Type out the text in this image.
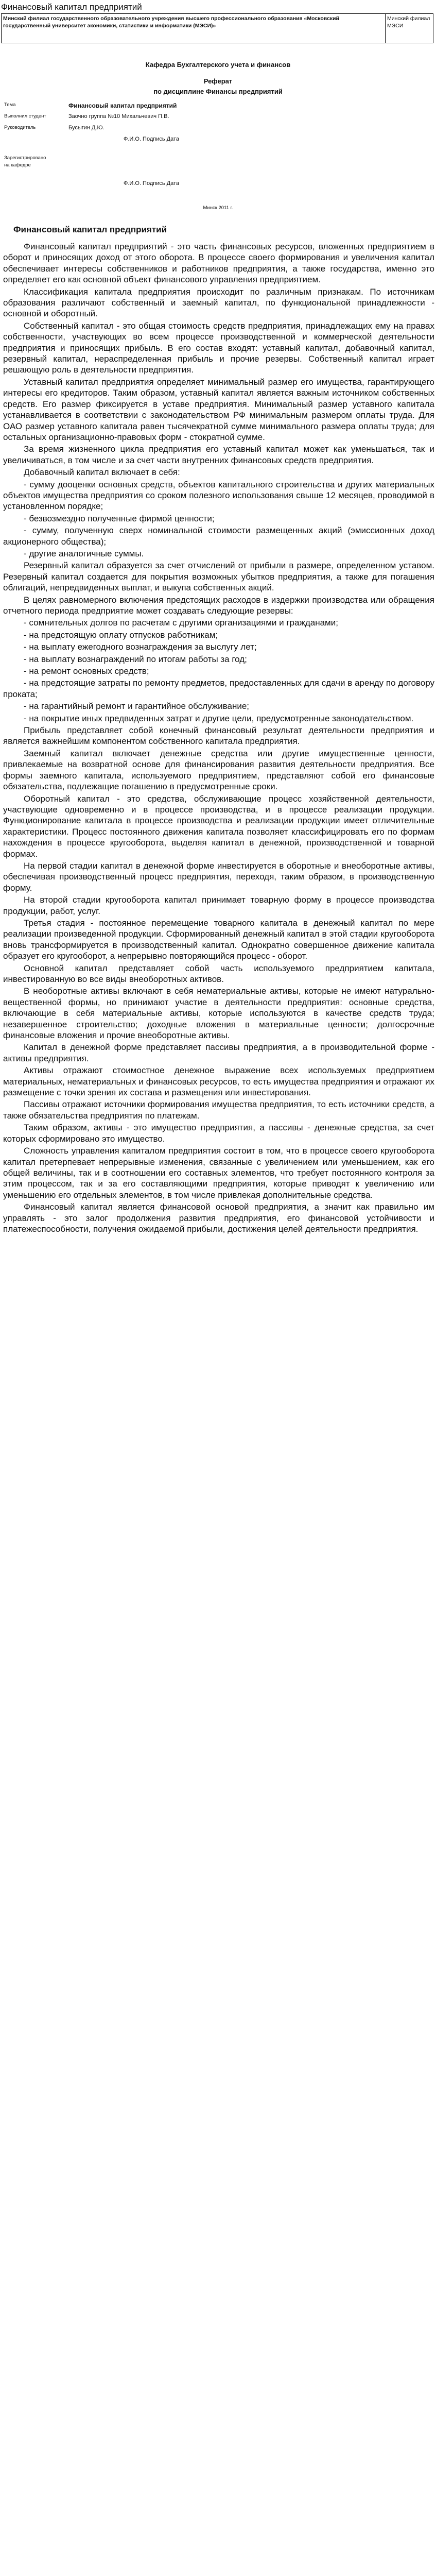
Финансовый капитал предприятий
Минский филиал государственного образовательного учреждения высшего профессионального образования «Московский государственный университет экономики, статистики и информатики (МЭСИ)»	Минский филиал МЭСИ
Кафедра Бухгалтерского учета и финансов
Реферат
по дисциплине Финансы предприятий
Тема	Финансовый капитал предприятий
Выполнил студент	Заочно группа №10 Михальчевич П.В.
Руководитель	Бусыгин Д.Ю.
Ф.И.О. Подпись Дата
Зарегистрировано на кафедре
Ф.И.О. Подпись Дата
Минск 2011 г.
Финансовый капитал предприятий

Финансовый капитал предприятий - это часть финансовых ресурсов, вложенных предприятием в оборот и приносящих доход от этого оборота. В процессе своего формирования и увеличения капитал обеспечивает интересы собственников и работников предприятия, а также государства, именно это определяет его как основной объект финансового управления предприятием.

Классификация капитала предприятия происходит по различным признакам. По источникам образования различают собственный и заемный капитал, по функциональной принадлежности - основной и оборотный.

Собственный капитал - это общая стоимость средств предприятия, принадлежащих ему на правах собственности, участвующих во всем процессе производственной и коммерческой деятельности предприятия и приносящих прибыль. В его состав входят: уставный капитал, добавочный капитал, резервный капитал, нераспределенная прибыль и прочие резервы. Собственный капитал играет решающую роль в деятельности предприятия.

Уставный капитал предприятия определяет минимальный размер его имущества, гарантирующего интересы его кредиторов. Таким образом, уставный капитал является важным источником собственных средств. Его размер фиксируется в уставе предприятия. Минимальный размер уставного капитала устанавливается в соответствии с законодательством РФ минимальным размером оплаты труда. Для ОАО размер уставного капитала равен тысячекратной сумме минимального размера оплаты труда; для остальных организационно-правовых форм - стократной сумме.

За время жизненного цикла предприятия его уставный капитал может как уменьшаться, так и увеличиваться, в том числе и за счет части внутренних финансовых средств предприятия.

Добавочный капитал включает в себя:

- сумму дооценки основных средств, объектов капитального строительства и других материальных объектов имущества предприятия со сроком полезного использования свыше 12 месяцев, проводимой в установленном порядке;

- безвозмездно полученные фирмой ценности;

- сумму, полученную сверх номинальной стоимости размещенных акций (эмиссионных доход акционерного общества);

- другие аналогичные суммы.

Резервный капитал образуется за счет отчислений от прибыли в размере, определенном уставом. Резервный капитал создается для покрытия возможных убытков предприятия, а также для погашения облигаций, непредвиденных выплат, и выкупа собственных акций.

В целях равномерного включения предстоящих расходов в издержки производства или обращения отчетного периода предприятие может создавать следующие резервы:

- сомнительных долгов по расчетам с другими организациями и гражданами;

- на предстоящую оплату отпусков работникам;

- на выплату ежегодного вознаграждения за выслугу лет;

- на выплату вознаграждений по итогам работы за год;

- на ремонт основных средств;

- на предстоящие затраты по ремонту предметов, предоставленных для сдачи в аренду по договору проката;

- на гарантийный ремонт и гарантийное обслуживание;

- на покрытие иных предвиденных затрат и другие цели, предусмотренные законодательством.

Прибыль представляет собой конечный финансовый результат деятельности предприятия и является важнейшим компонентом собственного капитала предприятия.

Заемный капитал включает денежные средства или другие имущественные ценности, привлекаемые на возвратной основе для финансирования развития деятельности предприятия. Все формы заемного капитала, используемого предприятием, представляют собой его финансовые обязательства, подлежащие погашению в предусмотренные сроки.

Оборотный капитал - это средства, обслуживающие процесс хозяйственной деятельности, участвующие одновременно и в процессе производства, и в процессе реализации продукции. Функционирование капитала в процессе производства и реализации продукции имеет отличительные характеристики. Процесс постоянного движения капитала позволяет классифицировать его по формам нахождения в процессе кругооборота, выделяя капитал в денежной, производственной и товарной формах.

На первой стадии капитал в денежной форме инвестируется в оборотные и внеоборотные активы, обеспечивая производственный процесс предприятия, переходя, таким образом, в производственную форму.

На второй стадии кругооборота капитал принимает товарную форму в процессе производства продукции, работ, услуг.

Третья стадия - постоянное перемещение товарного капитала в денежный капитал по мере реализации произведенной продукции. Сформированный денежный капитал в этой стадии кругооборота вновь трансформируется в производственный капитал. Однократно совершенное движение капитала образует его кругооборот, а непрерывно повторяющийся процесс - оборот.

Основной капитал представляет собой часть используемого предприятием капитала, инвестированную во все виды внеоборотных активов.

В необоротные активы включают в себя нематериальные активы, которые не имеют натурально-вещественной формы, но принимают участие в деятельности предприятия: основные средства, включающие в себя материальные активы, которые используются в качестве средств труда; незавершенное строительство; доходные вложения в материальные ценности; долгосрочные финансовые вложения и прочие внеоборотные активы.

Капитал в денежной форме представляет пассивы предприятия, а в производительной форме - активы предприятия.

Активы отражают стоимостное денежное выражение всех используемых предприятием материальных, нематериальных и финансовых ресурсов, то есть имущества предприятия и отражают их размещение с точки зрения их состава и размещения или инвестирования.

Пассивы отражают источники формирования имущества предприятия, то есть источники средств, а также обязательства предприятия по платежам.

Таким образом, активы - это имущество предприятия, а пассивы - денежные средства, за счет которых сформировано это имущество.

Сложность управления капиталом предприятия состоит в том, что в процессе своего кругооборота капитал претерпевает непрерывные изменения, связанные с увеличением или уменьшением, как его общей величины, так и в соотношении его составных элементов, что требует постоянного контроля за этим процессом, так и за его составляющими предприятия, которые приводят к увеличению или уменьшению его отдельных элементов, в том числе привлекая дополнительные средства.

Финансовый капитал является финансовой основой предприятия, а значит как правильно им управлять - это залог продолжения развития предприятия, его финансовой устойчивости и платежеспособности, получения ожидаемой прибыли, достижения целей деятельности предприятия.
